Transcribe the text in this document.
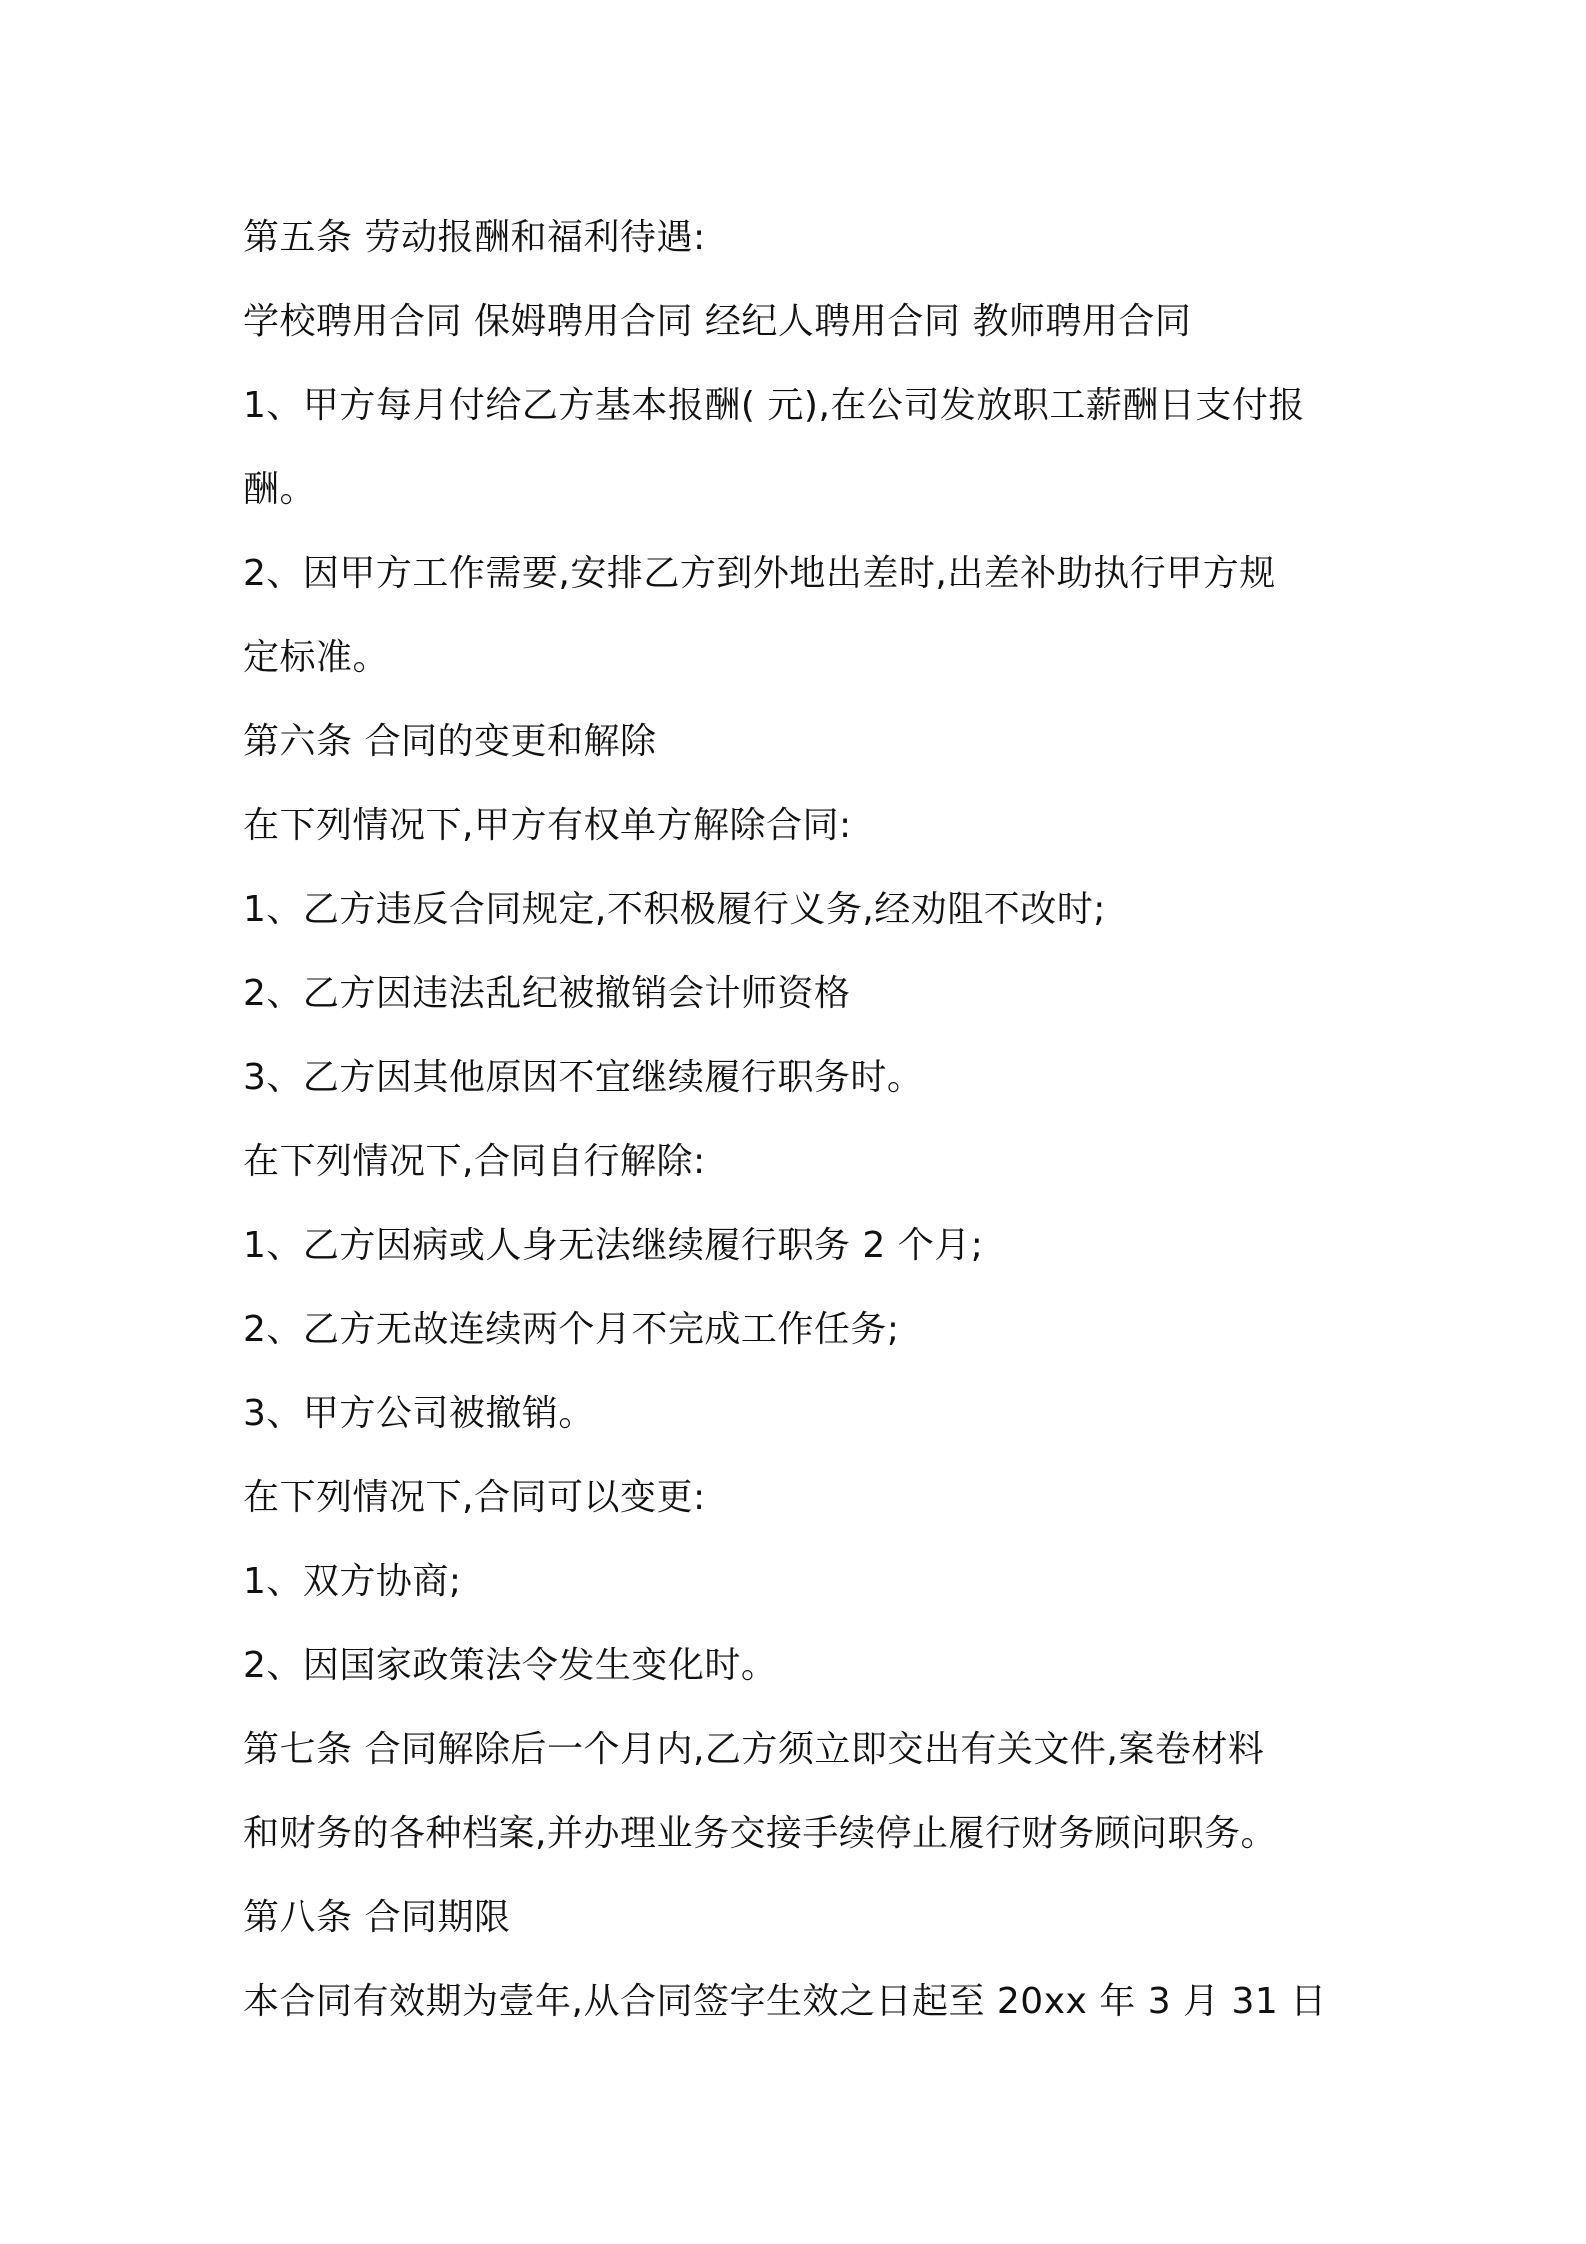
第五条 劳动报酬和福利待遇:
学校聘用合同 保姆聘用合同 经纪人聘用合同 教师聘用合同
1、甲方每月付给乙方基本报酬( 元),在公司发放职工薪酬日支付报
酬。
2、因甲方工作需要,安排乙方到外地出差时,出差补助执行甲方规
定标准。
第六条 合同的变更和解除
在下列情况下,甲方有权单方解除合同:
1、乙方违反合同规定,不积极履行义务,经劝阻不改时;
2、乙方因违法乱纪被撤销会计师资格
3、乙方因其他原因不宜继续履行职务时。
在下列情况下,合同自行解除:
1、乙方因病或人身无法继续履行职务 2 个月;
2、乙方无故连续两个月不完成工作任务;
3、甲方公司被撤销。
在下列情况下,合同可以变更:
1、双方协商;
2、因国家政策法令发生变化时。
第七条 合同解除后一个月内,乙方须立即交出有关文件,案卷材料
和财务的各种档案,并办理业务交接手续停止履行财务顾问职务。
第八条 合同期限
本合同有效期为壹年,从合同签字生效之日起至 20xx 年 3 月 31 日
